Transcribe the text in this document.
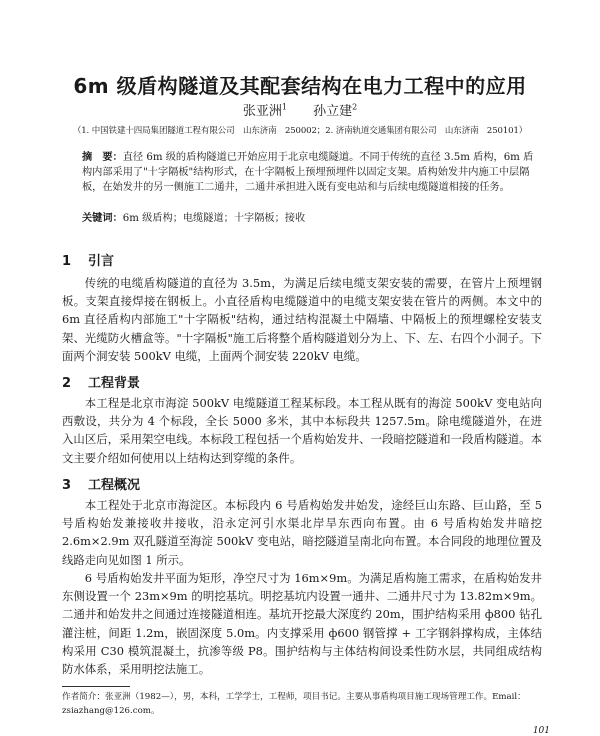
6m 级盾构隧道及其配套结构在电力工程中的应用
张亚洲$^1$ 孙立建$^2$
（1. 中国铁建十四局集团隧道工程有限公司　山东济南　250002；2. 济南轨道交通集团有限公司　山东济南　250101）
摘　要：直径 6m 级的盾构隧道已开始应用于北京电缆隧道。不同于传统的直径 3.5m 盾构，6m 盾构内部采用了"十字隔板"结构形式，在十字隔板上预埋预埋件以固定支架。盾构始发井内施工中层隔板，在始发井的另一侧施工二通井，二通井承担进入既有变电站和与后续电缆隧道相接的任务。
关键词：6m 级盾构；电缆隧道；十字隔板；接收
1 引言

传统的电缆盾构隧道的直径为 3.5m，为满足后续电缆支架安装的需要，在管片上预埋钢板。支架直接焊接在钢板上。小直径盾构电缆隧道中的电缆支架安装在管片的两侧。本文中的 6m 直径盾构内部施工"十字隔板"结构，通过结构混凝土中隔墙、中隔板上的预埋螺栓安装支架、光缆防火槽盒等。"十字隔板"施工后将整个盾构隧道划分为上、下、左、右四个小洞子。下面两个洞安装 500kV 电缆，上面两个洞安装 220kV 电缆。

2 工程背景

本工程是北京市海淀 500kV 电缆隧道工程某标段。本工程从既有的海淀 500kV 变电站向西敷设，共分为 4 个标段，全长 5000 多米，其中本标段共 1257.5m。除电缆隧道外，在进入山区后，采用架空电线。本标段工程包括一个盾构始发井、一段暗挖隧道和一段盾构隧道。本文主要介绍如何使用以上结构达到穿缆的条件。

3 工程概况

本工程处于北京市海淀区。本标段内 6 号盾构始发井始发，途经巨山东路、巨山路，至 5 号盾构始发兼接收井接收，沿永定河引水渠北岸旱东西向布置。由 6 号盾构始发井暗挖 2.6m×2.9m 双孔隧道至海淀 500kV 变电站，暗挖隧道呈南北向布置。本合同段的地理位置及线路走向见如图 1 所示。

6 号盾构始发井平面为矩形，净空尺寸为 16m×9m。为满足盾构施工需求，在盾构始发井东侧设置一个 23m×9m 的明挖基坑。明挖基坑内设置一通井、二通井尺寸为 13.82m×9m。二通井和始发井之间通过连接隧道相连。基坑开挖最大深度约 20m，围护结构采用 ф800 钻孔灌注桩，间距 1.2m，嵌固深度 5.0m。内支撑采用 ф600 钢管撑 + 工字钢斜撑构成，主体结构采用 C30 模筑混凝土，抗渗等级 P8。围护结构与主体结构间设柔性防水层，共同组成结构防水体系，采用明挖法施工。

作者简介：张亚洲（1982—），男，本科，工学学士，工程师，项目书记。主要从事盾构项目施工现场管理工作。Email：zsiazhang@126.com。
101
